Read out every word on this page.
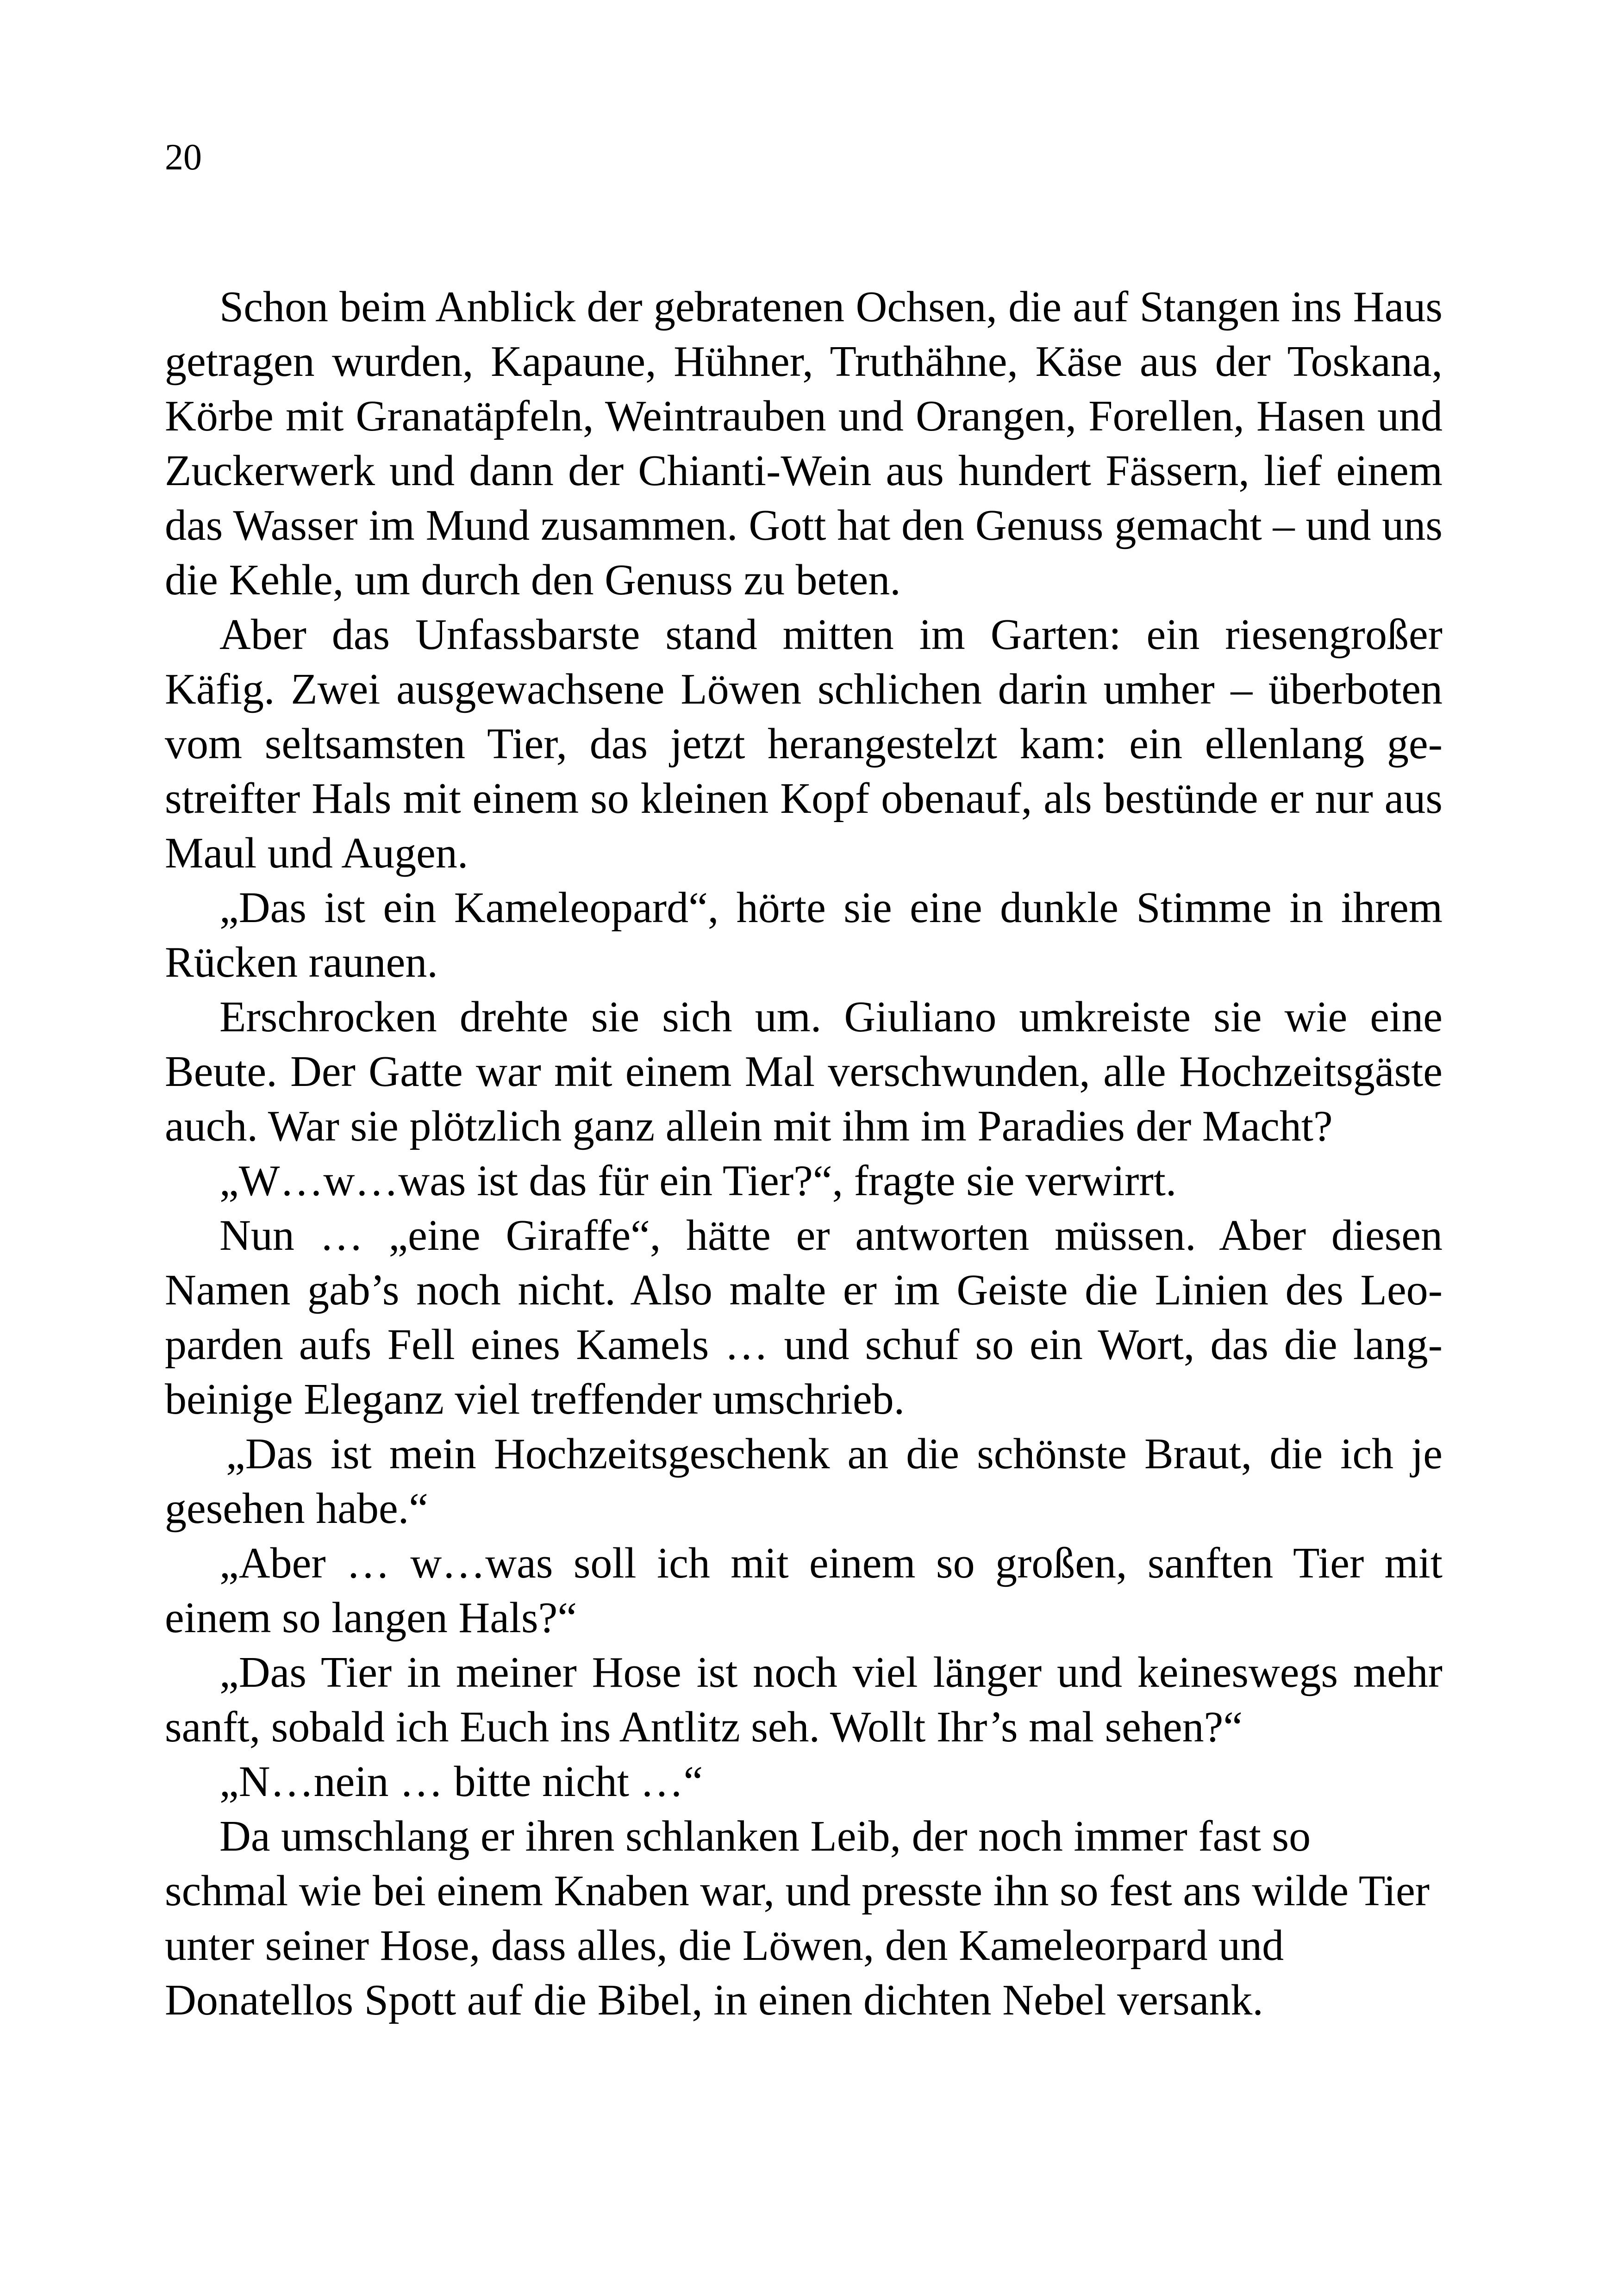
20

Schon beim Anblick der gebratenen Ochsen, die auf Stangen ins Haus getragen wurden, Kapaune, Hühner, Truthähne, Käse aus der Toskana, Körbe mit Granatäpfeln, Weintrauben und Orangen, Forellen, Hasen und Zuckerwerk und dann der Chianti-Wein aus hundert Fässern, lief einem das Wasser im Mund zusammen. Gott hat den Genuss gemacht – und uns die Kehle, um durch den Genuss zu beten.

Aber das Unfassbarste stand mitten im Garten: ein riesengroßer Käfig. Zwei ausgewachsene Löwen schlichen darin umher – überboten vom seltsamsten Tier, das jetzt herangestelzt kam: ein ellenlang gestreifter Hals mit einem so kleinen Kopf obenauf, als bestünde er nur aus Maul und Augen.

„Das ist ein Kameleopard“, hörte sie eine dunkle Stimme in ihrem Rücken raunen.

Erschrocken drehte sie sich um. Giuliano umkreiste sie wie eine Beute. Der Gatte war mit einem Mal verschwunden, alle Hochzeitsgäste auch. War sie plötzlich ganz allein mit ihm im Paradies der Macht?

„W…w…was ist das für ein Tier?“, fragte sie verwirrt.

Nun … „eine Giraffe“, hätte er antworten müssen. Aber diesen Namen gab’s noch nicht. Also malte er im Geiste die Linien des Leoparden aufs Fell eines Kamels … und schuf so ein Wort, das die langbeinige Eleganz viel treffender umschrieb.

„Das ist mein Hochzeitsgeschenk an die schönste Braut, die ich je gesehen habe.“

„Aber … w…was soll ich mit einem so großen, sanften Tier mit einem so langen Hals?“

„Das Tier in meiner Hose ist noch viel länger und keineswegs mehr sanft, sobald ich Euch ins Antlitz seh. Wollt Ihr’s mal sehen?“

„N…nein … bitte nicht …“

Da umschlang er ihren schlanken Leib, der noch immer fast so schmal wie bei einem Knaben war, und presste ihn so fest ans wilde Tier unter seiner Hose, dass alles, die Löwen, den Kameleorpard und Donatellos Spott auf die Bibel, in einen dichten Nebel versank.
